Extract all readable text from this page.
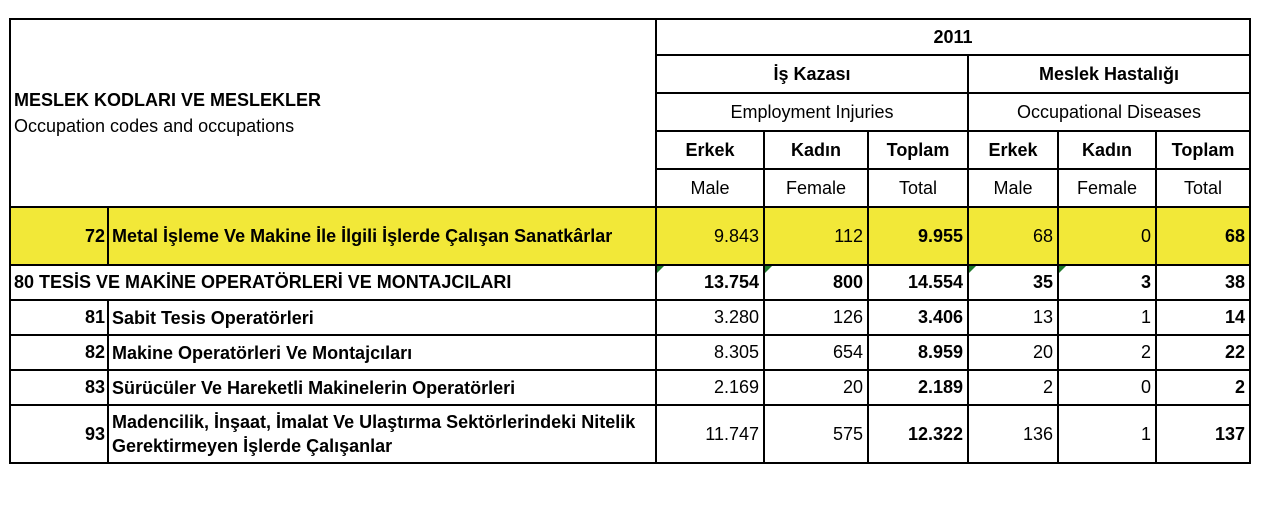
MESLEK KODLARI VE MESLEKLER
Occupation codes and occupations		2011					
		İş Kazası			Meslek Hastalığı		
		Employment Injuries			Occupational Diseases		
		Erkek	Kadın	Toplam	Erkek	Kadın	Toplam
		Male	Female	Total	Male	Female	Total
72	Metal İşleme Ve Makine İle İlgili İşlerde Çalışan Sanatkârlar	9.843	112	9.955	68	0	68
80 TESİS VE MAKİNE OPERATÖRLERİ VE MONTAJCILARI		13.754	800	14.554	35	3	38
81	Sabit Tesis Operatörleri	3.280	126	3.406	13	1	14
82	Makine Operatörleri Ve Montajcıları	8.305	654	8.959	20	2	22
83	Sürücüler Ve Hareketli Makinelerin Operatörleri	2.169	20	2.189	2	0	2
93	Madencilik, İnşaat, İmalat Ve Ulaştırma Sektörlerindeki Nitelik Gerektirmeyen İşlerde Çalışanlar	11.747	575	12.322	136	1	137
